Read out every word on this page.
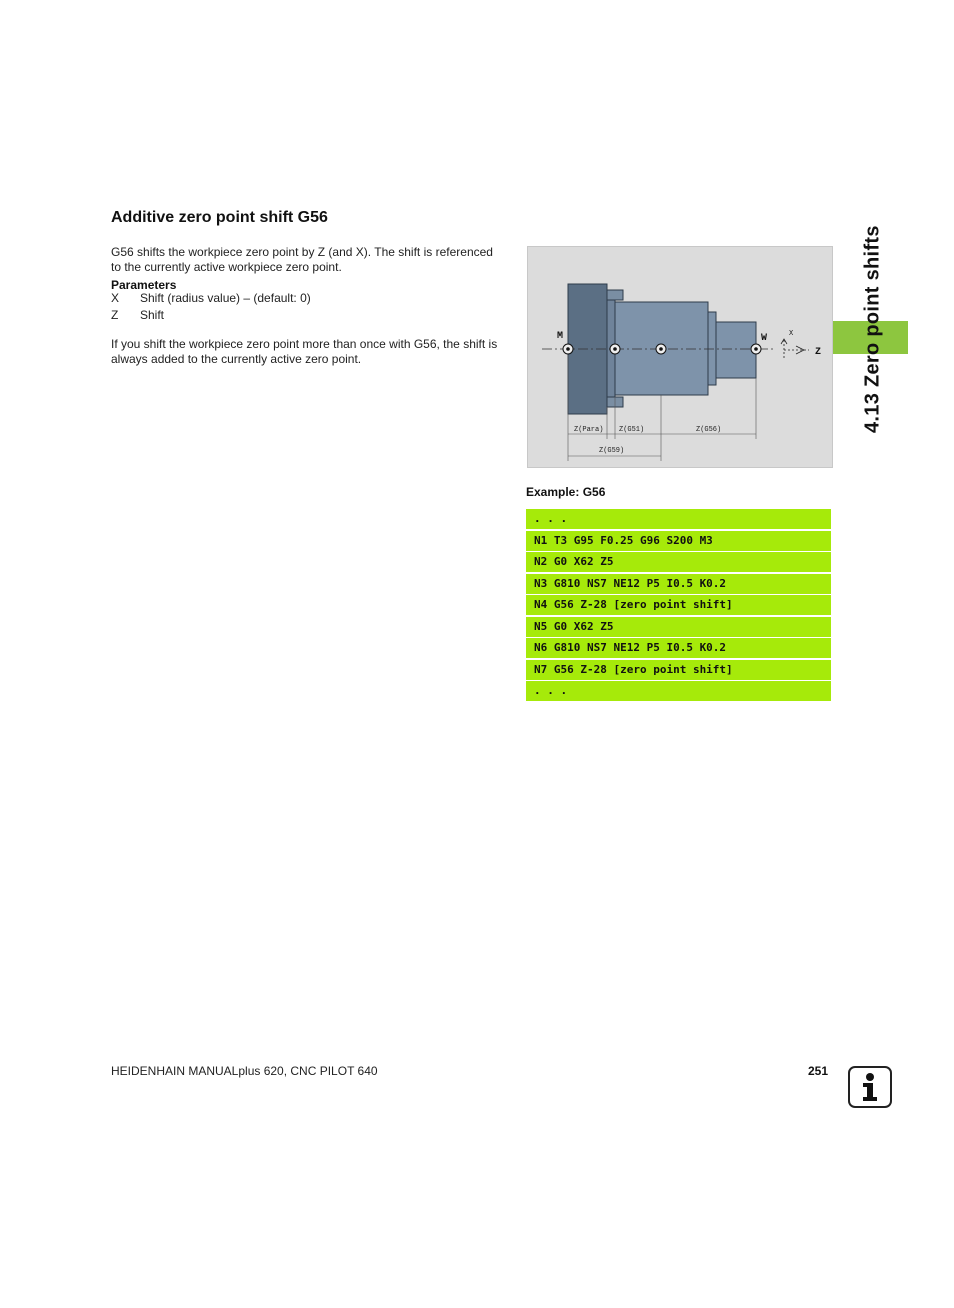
Additive zero point shift G56
G56 shifts the workpiece zero point by Z (and X). The shift is referenced to the currently active workpiece zero point.
Parameters
X Shift (radius value) – (default: 0)
Z Shift
If you shift the workpiece zero point more than once with G56, the shift is always added to the currently active zero point.	4.13 Zero point shifts
M	W	X
Z
Z(Para) Z(G51)	Z(G56)
Z(G59)
Example: G56
. . .
N1 T3 G95 F0.25 G96 S200 M3
N2 G0 X62 Z5
N3 G810 NS7 NE12 P5 I0.5 K0.2
N4 G56 Z-28 [zero point shift]
N5 G0 X62 Z5
N6 G810 NS7 NE12 P5 I0.5 K0.2
N7 G56 Z-28 [zero point shift]
. . .
HEIDENHAIN MANUALplus 620, CNC PILOT 640	251
